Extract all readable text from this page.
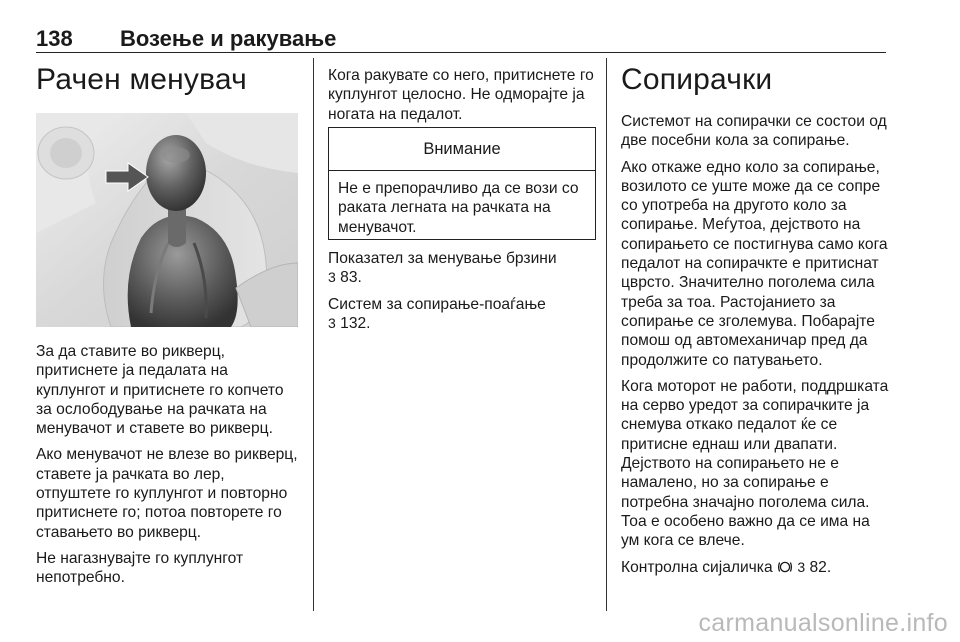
138 Возење и ракување
Рачен менувач

За да ставите во рикверц, притиснете ја педалата на куплунгот и притиснете го копчето за ослободување на рачката на менувачот и ставете во рикверц.

Ако менувачот не влезе во рикверц, ставете ја рачката во лер, отпуштете го куплунгот и повторно притиснете го; потоа повторете го ставањето во рикверц.

Не нагазнувајте го куплунгот непотребно.

Кога ракувате со него, притиснете го куплунгот целосно. Не одморајте ја ногата на педалот.

Внимание
Не е препорачливо да се вози со раката легната на рачката на менувачот.

Показател за менување брзини
3 83.

Систем за сопирање-поаѓање
3 132.

Сопирачки

Системот на сопирачки се состои од две посебни кола за сопирање.

Ако откаже едно коло за сопирање, возилото се уште може да се сопре со употреба на другото коло за сопирање. Меѓутоа, дејството на сопирањето се постигнува само кога педалот на сопирачкте е притиснат цврсто. Значително поголема сила треба за тоа. Растојанието за сопирање се зголемува. Побарајте помош од автомеханичар пред да продолжите со патувањето.

Кога моторот не работи, поддршката на серво уредот за сопирачките ја снемува откако педалот ќе се притисне еднаш или двапати. Дејството на сопирањето не е намалено, но за сопирање е потребна значајно поголема сила. Тоа е особено важно да се има на ум кога се влече.

Контролна сијаличка 3 82.

carmanualsonline.info
